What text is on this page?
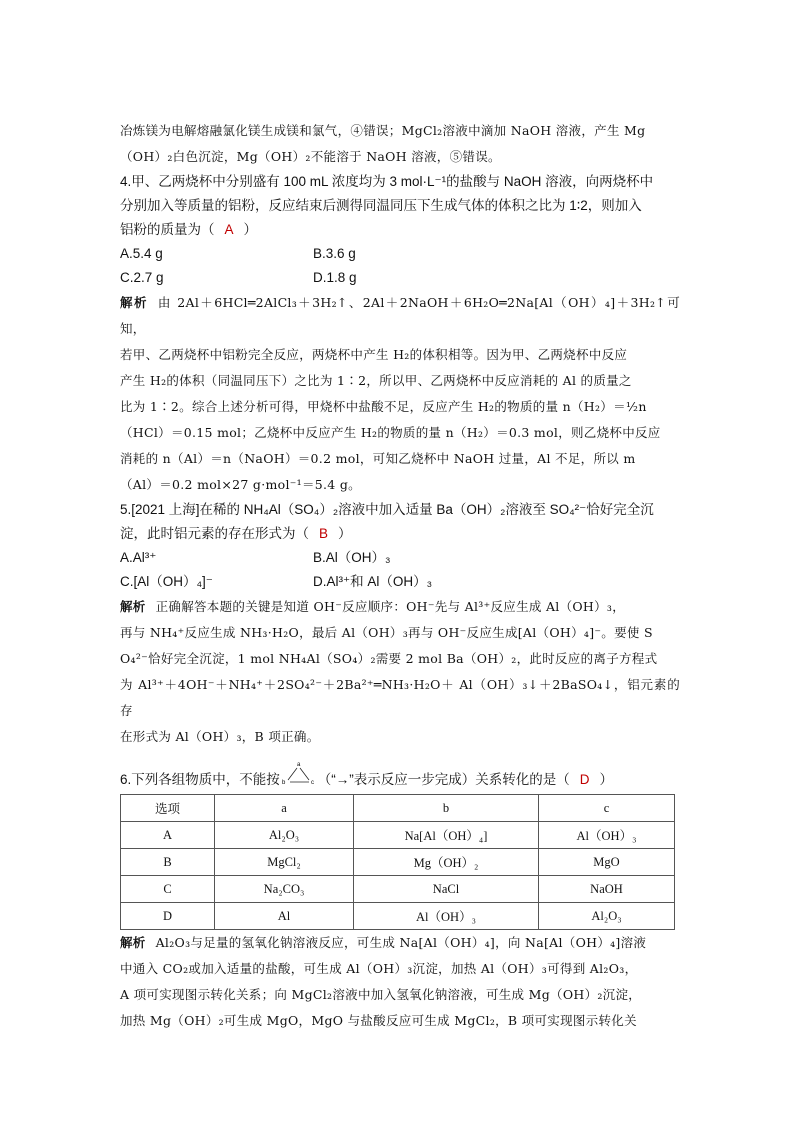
冶炼镁为电解熔融氯化镁生成镁和氯气，④错误；MgCl₂溶液中滴加 NaOH 溶液，产生 Mg

（OH）₂白色沉淀，Mg（OH）₂不能溶于 NaOH 溶液，⑤错误。

4.甲、乙两烧杯中分别盛有 100 mL 浓度均为 3 mol·L⁻¹的盐酸与 NaOH 溶液，向两烧杯中

分别加入等质量的铝粉，反应结束后测得同温同压下生成气体的体积之比为 1∶2，则加入

铝粉的质量为（ A ）

A.5.4 g	B.3.6 g
C.2.7 g	D.1.8 g

解析 由 2Al＋6HCl═2AlCl₃＋3H₂↑、2Al＋2NaOH＋6H₂O═2Na[Al（OH）₄]＋3H₂↑可知，

若甲、乙两烧杯中铝粉完全反应，两烧杯中产生 H₂的体积相等。因为甲、乙两烧杯中反应

产生 H₂的体积（同温同压下）之比为 1∶2，所以甲、乙两烧杯中反应消耗的 Al 的质量之

比为 1∶2。综合上述分析可得，甲烧杯中盐酸不足，反应产生 H₂的物质的量 n（H₂）＝½n

（HCl）＝0.15 mol；乙烧杯中反应产生 H₂的物质的量 n（H₂）＝0.3 mol，则乙烧杯中反应

消耗的 n（Al）＝n（NaOH）＝0.2 mol，可知乙烧杯中 NaOH 过量，Al 不足，所以 m

（Al）＝0.2 mol×27 g·mol⁻¹＝5.4 g。

5.[2021 上海]在稀的 NH₄Al（SO₄）₂溶液中加入适量 Ba（OH）₂溶液至 SO₄²⁻恰好完全沉

淀，此时铝元素的存在形式为（ B ）

A.Al³⁺	B.Al（OH）₃
C.[Al（OH）₄]⁻	D.Al³⁺和 Al（OH）₃

解析 正确解答本题的关键是知道 OH⁻反应顺序：OH⁻先与 Al³⁺反应生成 Al（OH）₃，

再与 NH₄⁺反应生成 NH₃·H₂O，最后 Al（OH）₃再与 OH⁻反应生成[Al（OH）₄]⁻。要使 S

O₄²⁻恰好完全沉淀，1 mol NH₄Al（SO₄）₂需要 2 mol Ba（OH）₂，此时反应的离子方程式

为 Al³⁺＋4OH⁻＋NH₄⁺＋2SO₄²⁻＋2Ba²⁺═NH₃·H₂O＋ Al（OH）₃↓＋2BaSO₄↓，铝元素的存

在形式为 Al（OH）₃，B 项正确。

6.下列各组物质中，不能按
a
b	c （“→”表示反应一步完成）关系转化的是（ D ）

选项	a	b	c
A	Al₂O₃	Na[Al（OH）₄]	Al（OH）₃
B	MgCl₂	Mg（OH）₂	MgO
C	Na₂CO₃	NaCl	NaOH
D	Al	Al（OH）₃	Al₂O₃

解析 Al₂O₃与足量的氢氧化钠溶液反应，可生成 Na[Al（OH）₄]，向 Na[Al（OH）₄]溶液

中通入 CO₂或加入适量的盐酸，可生成 Al（OH）₃沉淀，加热 Al（OH）₃可得到 Al₂O₃，

A 项可实现图示转化关系；向 MgCl₂溶液中加入氢氧化钠溶液，可生成 Mg（OH）₂沉淀，

加热 Mg（OH）₂可生成 MgO，MgO 与盐酸反应可生成 MgCl₂，B 项可实现图示转化关
